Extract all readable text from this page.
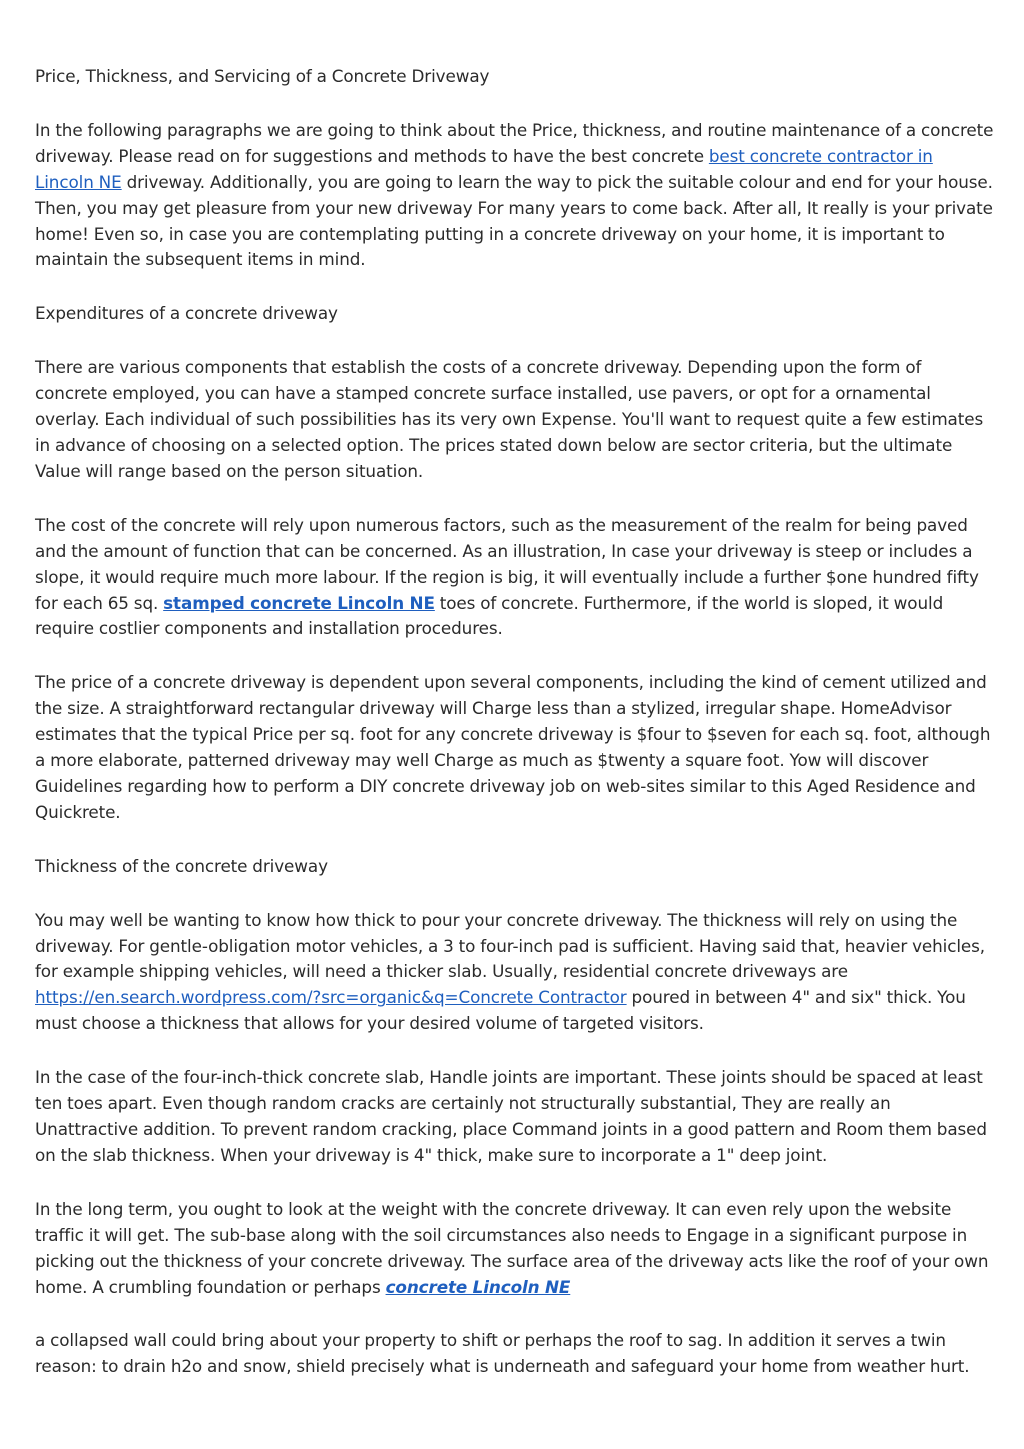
Price, Thickness, and Servicing of a Concrete Driveway

In the following paragraphs we are going to think about the Price, thickness, and routine maintenance of a concrete driveway. Please read on for suggestions and methods to have the best concrete best concrete contractor in Lincoln NE driveway. Additionally, you are going to learn the way to pick the suitable colour and end for your house. Then, you may get pleasure from your new driveway For many years to come back. After all, It really is your private home! Even so, in case you are contemplating putting in a concrete driveway on your home, it is important to maintain the subsequent items in mind.

Expenditures of a concrete driveway

There are various components that establish the costs of a concrete driveway. Depending upon the form of concrete employed, you can have a stamped concrete surface installed, use pavers, or opt for a ornamental overlay. Each individual of such possibilities has its very own Expense. You'll want to request quite a few estimates in advance of choosing on a selected option. The prices stated down below are sector criteria, but the ultimate Value will range based on the person situation.

The cost of the concrete will rely upon numerous factors, such as the measurement of the realm for being paved and the amount of function that can be concerned. As an illustration, In case your driveway is steep or includes a slope, it would require much more labour. If the region is big, it will eventually include a further $one hundred fifty for each 65 sq. stamped concrete Lincoln NE toes of concrete. Furthermore, if the world is sloped, it would require costlier components and installation procedures.

The price of a concrete driveway is dependent upon several components, including the kind of cement utilized and the size. A straightforward rectangular driveway will Charge less than a stylized, irregular shape. HomeAdvisor estimates that the typical Price per sq. foot for any concrete driveway is $four to $seven for each sq. foot, although a more elaborate, patterned driveway may well Charge as much as $twenty a square foot. Yow will discover Guidelines regarding how to perform a DIY concrete driveway job on web-sites similar to this Aged Residence and Quickrete.

Thickness of the concrete driveway

You may well be wanting to know how thick to pour your concrete driveway. The thickness will rely on using the driveway. For gentle-obligation motor vehicles, a 3 to four-inch pad is sufficient. Having said that, heavier vehicles, for example shipping vehicles, will need a thicker slab. Usually, residential concrete driveways are https://en.search.wordpress.com/?src=organic&q=Concrete Contractor poured in between 4" and six" thick. You must choose a thickness that allows for your desired volume of targeted visitors.

In the case of the four-inch-thick concrete slab, Handle joints are important. These joints should be spaced at least ten toes apart. Even though random cracks are certainly not structurally substantial, They are really an Unattractive addition. To prevent random cracking, place Command joints in a good pattern and Room them based on the slab thickness. When your driveway is 4" thick, make sure to incorporate a 1" deep joint.

In the long term, you ought to look at the weight with the concrete driveway. It can even rely upon the website traffic it will get. The sub-base along with the soil circumstances also needs to Engage in a significant purpose in picking out the thickness of your concrete driveway. The surface area of the driveway acts like the roof of your own home. A crumbling foundation or perhaps concrete Lincoln NE

a collapsed wall could bring about your property to shift or perhaps the roof to sag. In addition it serves a twin reason: to drain h2o and snow, shield precisely what is underneath and safeguard your home from weather hurt.
